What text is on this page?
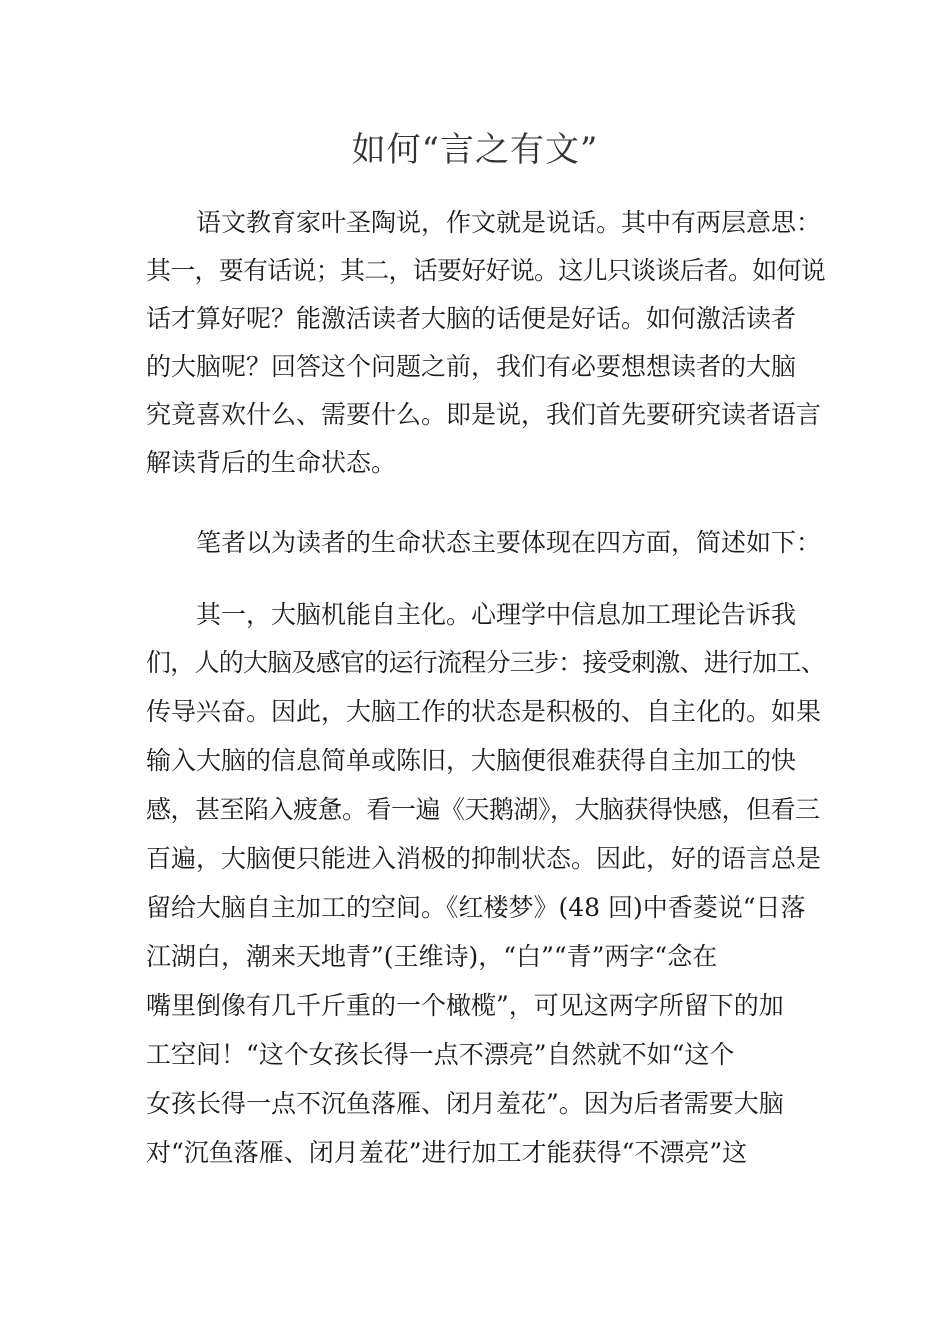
如何“言之有文”
语文教育家叶圣陶说，作文就是说话。其中有两层意思：
其一，要有话说；其二，话要好好说。这儿只谈谈后者。如何说
话才算好呢？能激活读者大脑的话便是好话。如何激活读者
的大脑呢？回答这个问题之前，我们有必要想想读者的大脑
究竟喜欢什么、需要什么。即是说，我们首先要研究读者语言
解读背后的生命状态。
笔者以为读者的生命状态主要体现在四方面，简述如下：
其一，大脑机能自主化。心理学中信息加工理论告诉我
们，人的大脑及感官的运行流程分三步：接受刺激、进行加工、
传导兴奋。因此，大脑工作的状态是积极的、自主化的。如果
输入大脑的信息简单或陈旧，大脑便很难获得自主加工的快
感，甚至陷入疲惫。看一遍《天鹅湖》，大脑获得快感，但看三
百遍，大脑便只能进入消极的抑制状态。因此，好的语言总是
留给大脑自主加工的空间。《红楼梦》(48 回)中香菱说“日落
江湖白，潮来天地青”(王维诗)，“白”“青”两字“念在
嘴里倒像有几千斤重的一个橄榄”，可见这两字所留下的加
工空间！“这个女孩长得一点不漂亮”自然就不如“这个
女孩长得一点不沉鱼落雁、闭月羞花”。因为后者需要大脑
对“沉鱼落雁、闭月羞花”进行加工才能获得“不漂亮”这
